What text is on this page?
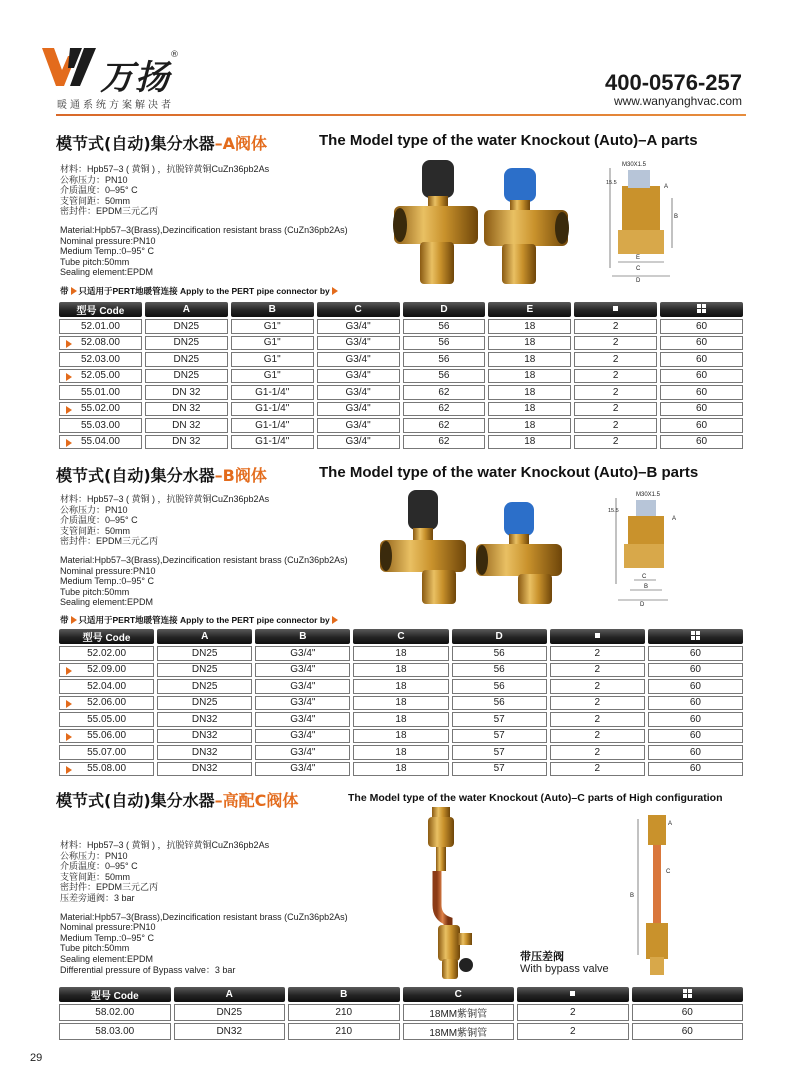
万扬
®
暖通系统方案解决者
400-0576-257
www.wanyanghvac.com
模节式(自动)集分水器–A阀体	The Model type of the water Knockout (Auto)–A parts
材料：Hpb57–3 ( 黄铜 ) ，抗脱锌黄铜CuZn36pb2As
公称压力：PN10
介质温度：0–95° C
支管间距：50mm
密封件：EPDM三元乙丙
Material:Hpb57–3(Brass),Dezincification resistant brass (CuZn36pb2As)
Nominal pressure:PN10
Medium Temp.:0–95° C
Tube pitch:50mm
Sealing element:EPDM
M30X1.5
15.5
A
B
E
C
D
带 只适用于PERT地暖管连接 Apply to the PERT pipe connector by
型号 Code	A	B	C	D	E		
52.01.00	DN25	G1"	G3/4"	56	18	2	60

52.08.00	DN25	G1"	G3/4"	56	18	2	60
52.03.00	DN25	G1"	G3/4"	56	18	2	60

52.05.00	DN25	G1"	G3/4"	56	18	2	60
55.01.00	DN 32	G1-1/4"	G3/4"	62	18	2	60

55.02.00	DN 32	G1-1/4"	G3/4"	62	18	2	60
55.03.00	DN 32	G1-1/4"	G3/4"	62	18	2	60

55.04.00	DN 32	G1-1/4"	G3/4"	62	18	2	60
模节式(自动)集分水器–B阀体	The Model type of the water Knockout (Auto)–B parts
材料：Hpb57–3 ( 黄铜 ) ，抗脱锌黄铜CuZn36pb2As
公称压力：PN10
介质温度：0–95° C
支管间距：50mm
密封件：EPDM三元乙丙
Material:Hpb57–3(Brass),Dezincification resistant brass (CuZn36pb2As)
Nominal pressure:PN10
Medium Temp.:0–95° C
Tube pitch:50mm
Sealing element:EPDM
M30X1.5
15.5
A
C
B
D
带 只适用于PERT地暖管连接 Apply to the PERT pipe connector by
型号 Code	A	B	C	D		
52.02.00	DN25	G3/4"	18	56	2	60

52.09.00	DN25	G3/4"	18	56	2	60
52.04.00	DN25	G3/4"	18	56	2	60

52.06.00	DN25	G3/4"	18	56	2	60
55.05.00	DN32	G3/4"	18	57	2	60

55.06.00	DN32	G3/4"	18	57	2	60
55.07.00	DN32	G3/4"	18	57	2	60

55.08.00	DN32	G3/4"	18	57	2	60
模节式(自动)集分水器–高配C阀体	The Model type of the water Knockout (Auto)–C parts of High configuration
材料：Hpb57–3 ( 黄铜 ) ，抗脱锌黄铜CuZn36pb2As
公称压力：PN10
介质温度：0–95° C
支管间距：50mm
密封件：EPDM三元乙丙
压差旁通阀：3 bar
Material:Hpb57–3(Brass),Dezincification resistant brass (CuZn36pb2As)
Nominal pressure:PN10
Medium Temp.:0–95° C
Tube pitch:50mm
Sealing element:EPDM
Differential pressure of Bypass valve：3 bar
带压差阀
With bypass valve
A
C
B
型号 Code	A	B	C		
58.02.00	DN25	210	18MM紫铜管	2	60
58.03.00	DN32	210	18MM紫铜管	2	60
29
